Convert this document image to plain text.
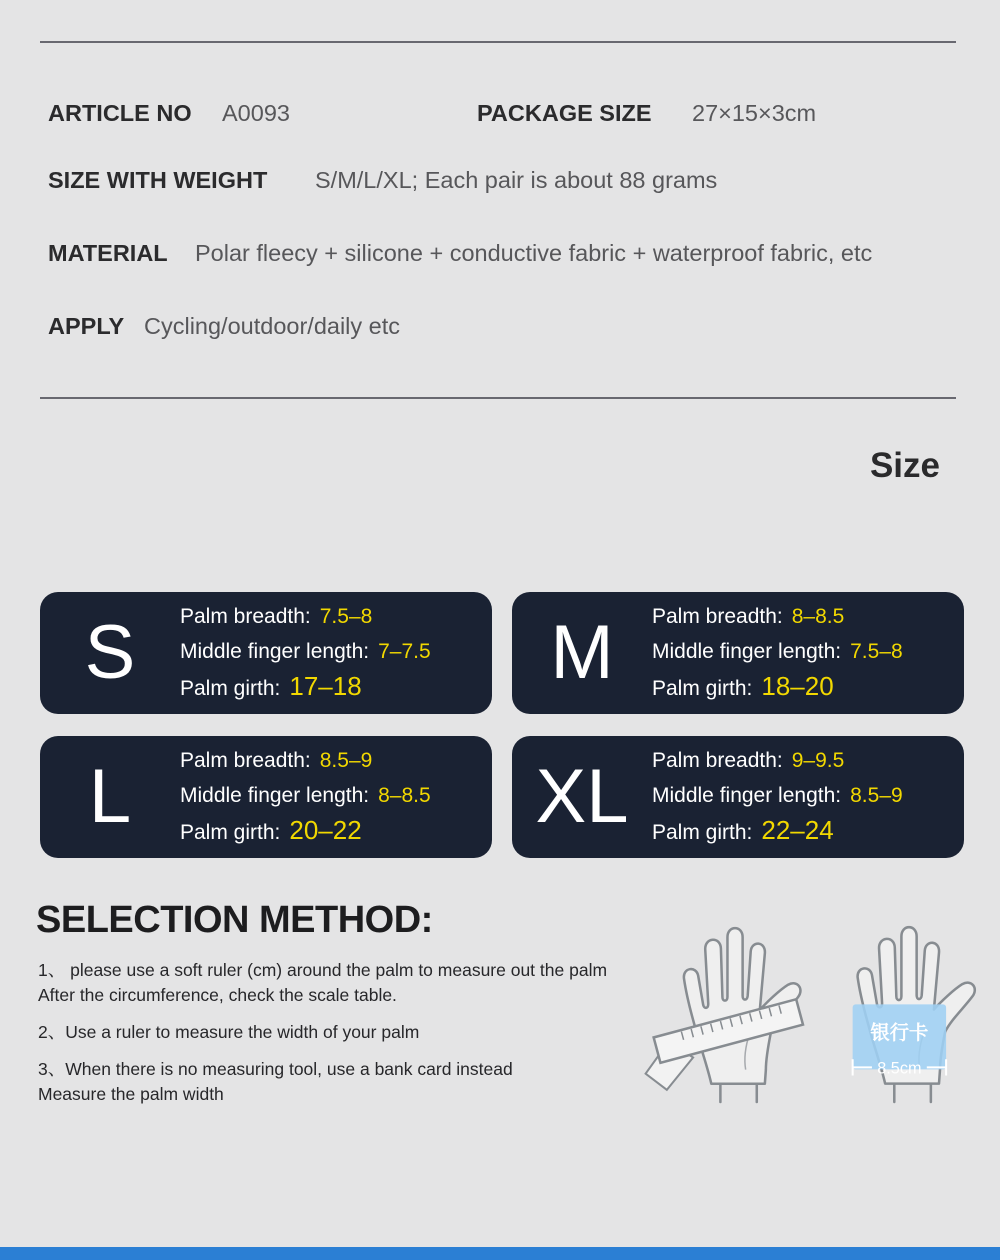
ARTICLE NO A0093	PACKAGE SIZE 27×15×3cm
SIZE WITH WEIGHT S/M/L/XL; Each pair is about 88 grams
MATERIAL Polar fleecy + silicone + conductive fabric + waterproof fabric, etc
APPLY Cycling/outdoor/daily etc
Size
S	Palm breadth: 7.5–8
Middle finger length: 7–7.5
Palm girth: 17–18	M	Palm breadth: 8–8.5
Middle finger length: 7.5–8
Palm girth: 18–20
L	Palm breadth: 8.5–9
Middle finger length: 8–8.5
Palm girth: 20–22	XL	Palm breadth: 9–9.5
Middle finger length: 8.5–9
Palm girth: 22–24
SELECTION METHOD:
1、 please use a soft ruler (cm) around the palm to measure out the palm
After the circumference, check the scale table.
2、Use a ruler to measure the width of your palm
3、When there is no measuring tool, use a bank card instead
Measure the palm width
银行卡
8.5cm
